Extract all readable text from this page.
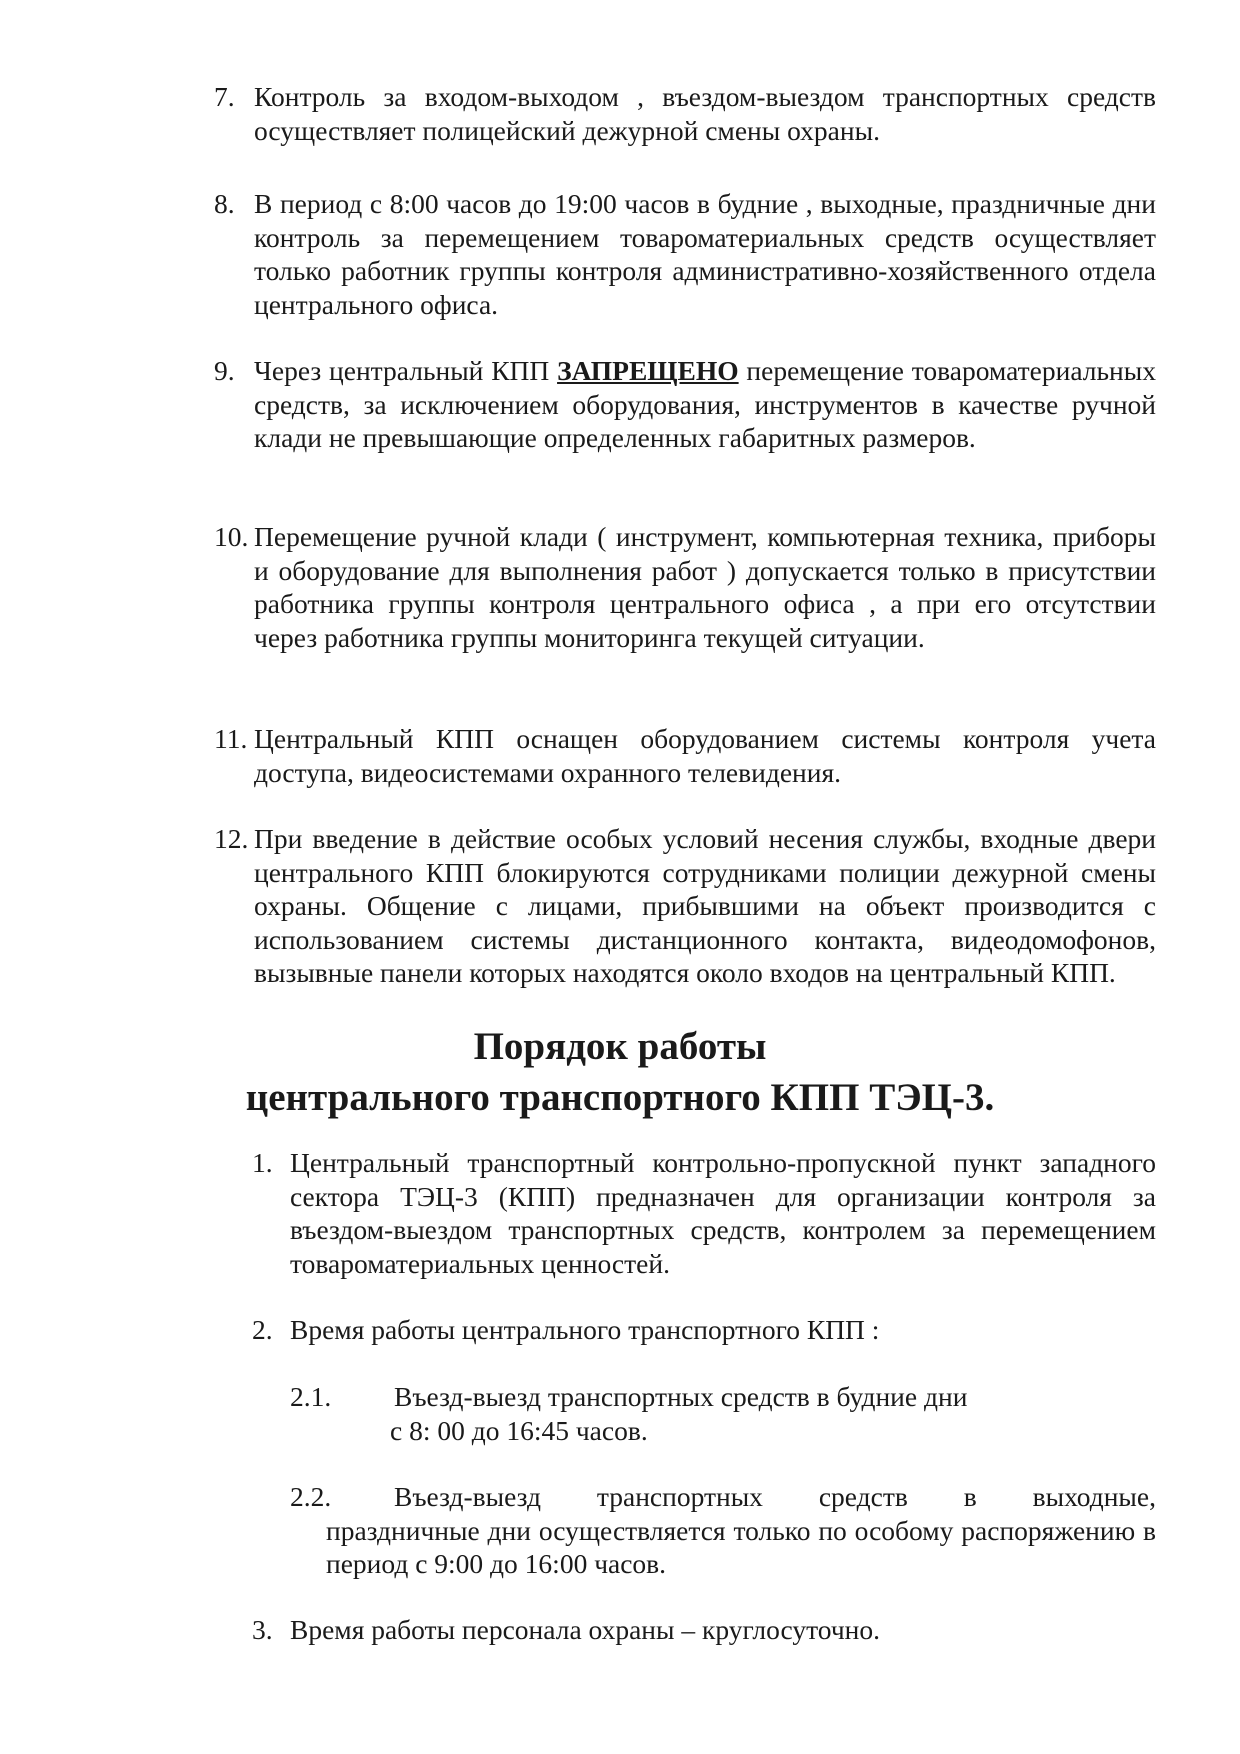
7. Контроль за входом-выходом , въездом-выездом транспортных средств осуществляет полицейский дежурной смены охраны.
8. В период с 8:00 часов до 19:00 часов в будние , выходные, праздничные дни контроль за перемещением товароматериальных средств осуществляет только работник группы контроля административно-хозяйственного отдела центрального офиса.
9. Через центральный КПП ЗАПРЕЩЕНО перемещение товароматериальных средств, за исключением оборудования, инструментов в качестве ручной клади не превышающие определенных габаритных размеров.
10. Перемещение ручной клади ( инструмент, компьютерная техника, приборы и оборудование для выполнения работ ) допускается только в присутствии работника группы контроля центрального офиса , а при его отсутствии через работника группы мониторинга текущей ситуации.
11. Центральный КПП оснащен оборудованием системы контроля учета доступа, видеосистемами охранного телевидения.
12. При введение в действие особых условий несения службы, входные двери центрального КПП блокируются сотрудниками полиции дежурной смены охраны. Общение с лицами, прибывшими на объект производится с использованием системы дистанционного контакта, видеодомофонов, вызывные панели которых находятся около входов на центральный КПП.
Порядок работы
центрального транспортного КПП ТЭЦ-3.
1. Центральный транспортный контрольно-пропускной пункт западного сектора ТЭЦ-3 (КПП) предназначен для организации контроля за въездом-выездом транспортных средств, контролем за перемещением товароматериальных ценностей.
2. Время работы центрального транспортного КПП :
2.1. Въезд-выезд транспортных средств в будние дни
с 8: 00 до 16:45 часов.
2.2. Въезд-выезд транспортных средств в выходные,
праздничные дни осуществляется только по особому распоряжению в период с 9:00 до 16:00 часов.
3. Время работы персонала охраны – круглосуточно.
